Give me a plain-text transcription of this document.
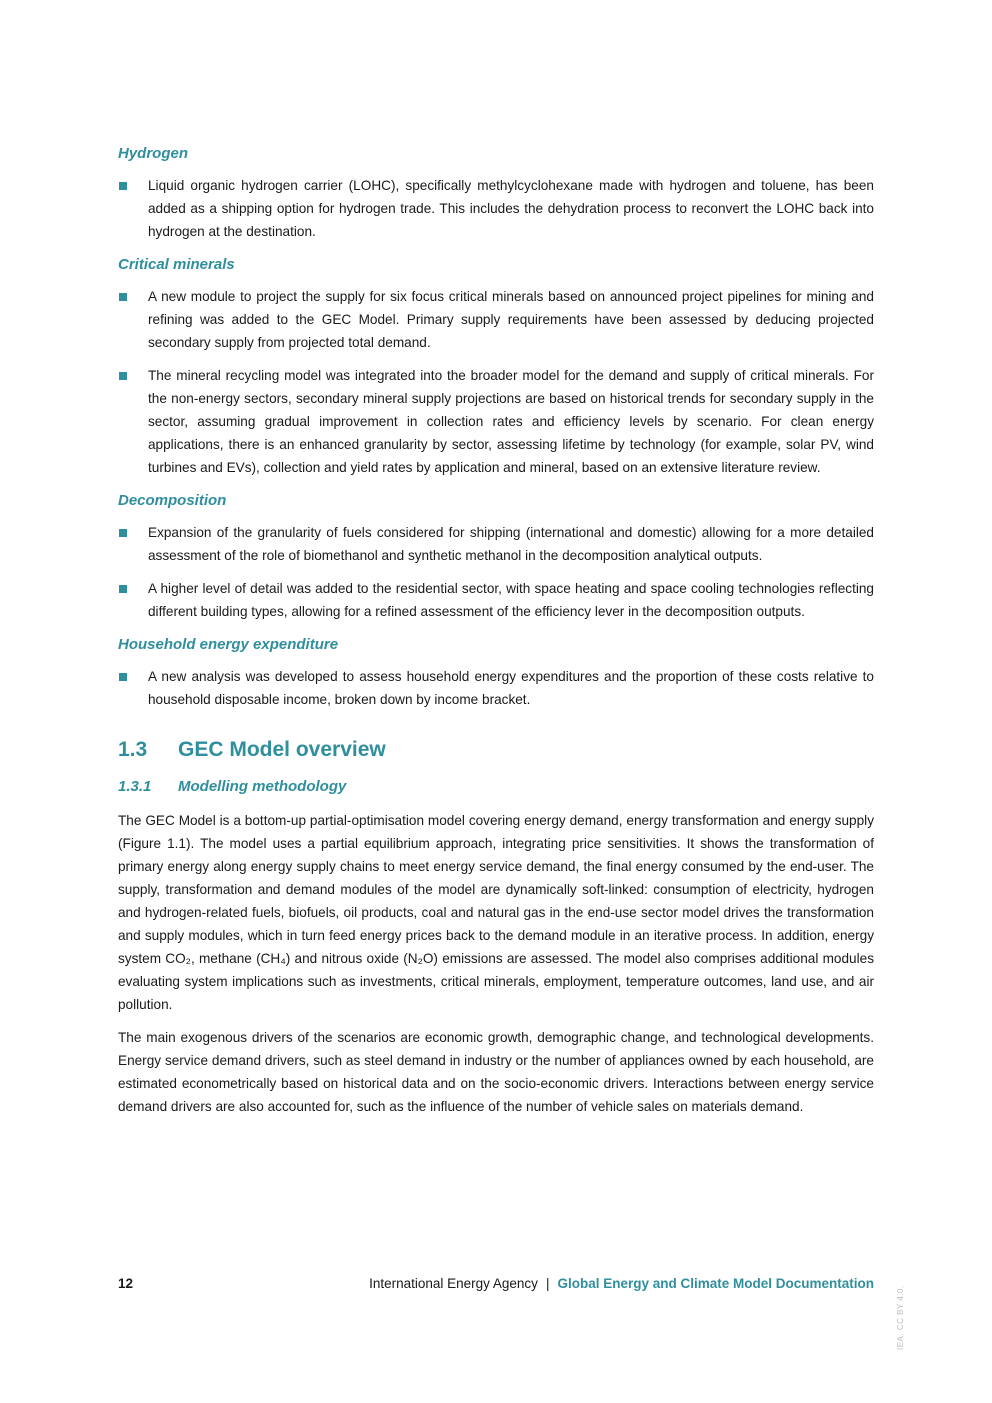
Hydrogen
Liquid organic hydrogen carrier (LOHC), specifically methylcyclohexane made with hydrogen and toluene, has been added as a shipping option for hydrogen trade. This includes the dehydration process to reconvert the LOHC back into hydrogen at the destination.
Critical minerals
A new module to project the supply for six focus critical minerals based on announced project pipelines for mining and refining was added to the GEC Model. Primary supply requirements have been assessed by deducing projected secondary supply from projected total demand.
The mineral recycling model was integrated into the broader model for the demand and supply of critical minerals. For the non-energy sectors, secondary mineral supply projections are based on historical trends for secondary supply in the sector, assuming gradual improvement in collection rates and efficiency levels by scenario. For clean energy applications, there is an enhanced granularity by sector, assessing lifetime by technology (for example, solar PV, wind turbines and EVs), collection and yield rates by application and mineral, based on an extensive literature review.
Decomposition
Expansion of the granularity of fuels considered for shipping (international and domestic) allowing for a more detailed assessment of the role of biomethanol and synthetic methanol in the decomposition analytical outputs.
A higher level of detail was added to the residential sector, with space heating and space cooling technologies reflecting different building types, allowing for a refined assessment of the efficiency lever in the decomposition outputs.
Household energy expenditure
A new analysis was developed to assess household energy expenditures and the proportion of these costs relative to household disposable income, broken down by income bracket.
1.3 GEC Model overview
1.3.1 Modelling methodology

The GEC Model is a bottom-up partial-optimisation model covering energy demand, energy transformation and energy supply (Figure 1.1). The model uses a partial equilibrium approach, integrating price sensitivities. It shows the transformation of primary energy along energy supply chains to meet energy service demand, the final energy consumed by the end-user. The supply, transformation and demand modules of the model are dynamically soft-linked: consumption of electricity, hydrogen and hydrogen-related fuels, biofuels, oil products, coal and natural gas in the end-use sector model drives the transformation and supply modules, which in turn feed energy prices back to the demand module in an iterative process. In addition, energy system CO₂, methane (CH₄) and nitrous oxide (N₂O) emissions are assessed. The model also comprises additional modules evaluating system implications such as investments, critical minerals, employment, temperature outcomes, land use, and air pollution.

The main exogenous drivers of the scenarios are economic growth, demographic change, and technological developments. Energy service demand drivers, such as steel demand in industry or the number of appliances owned by each household, are estimated econometrically based on historical data and on the socio-economic drivers. Interactions between energy service demand drivers are also accounted for, such as the influence of the number of vehicle sales on materials demand.

12	International Energy Agency | Global Energy and Climate Model Documentation
IEA. CC BY 4.0.
